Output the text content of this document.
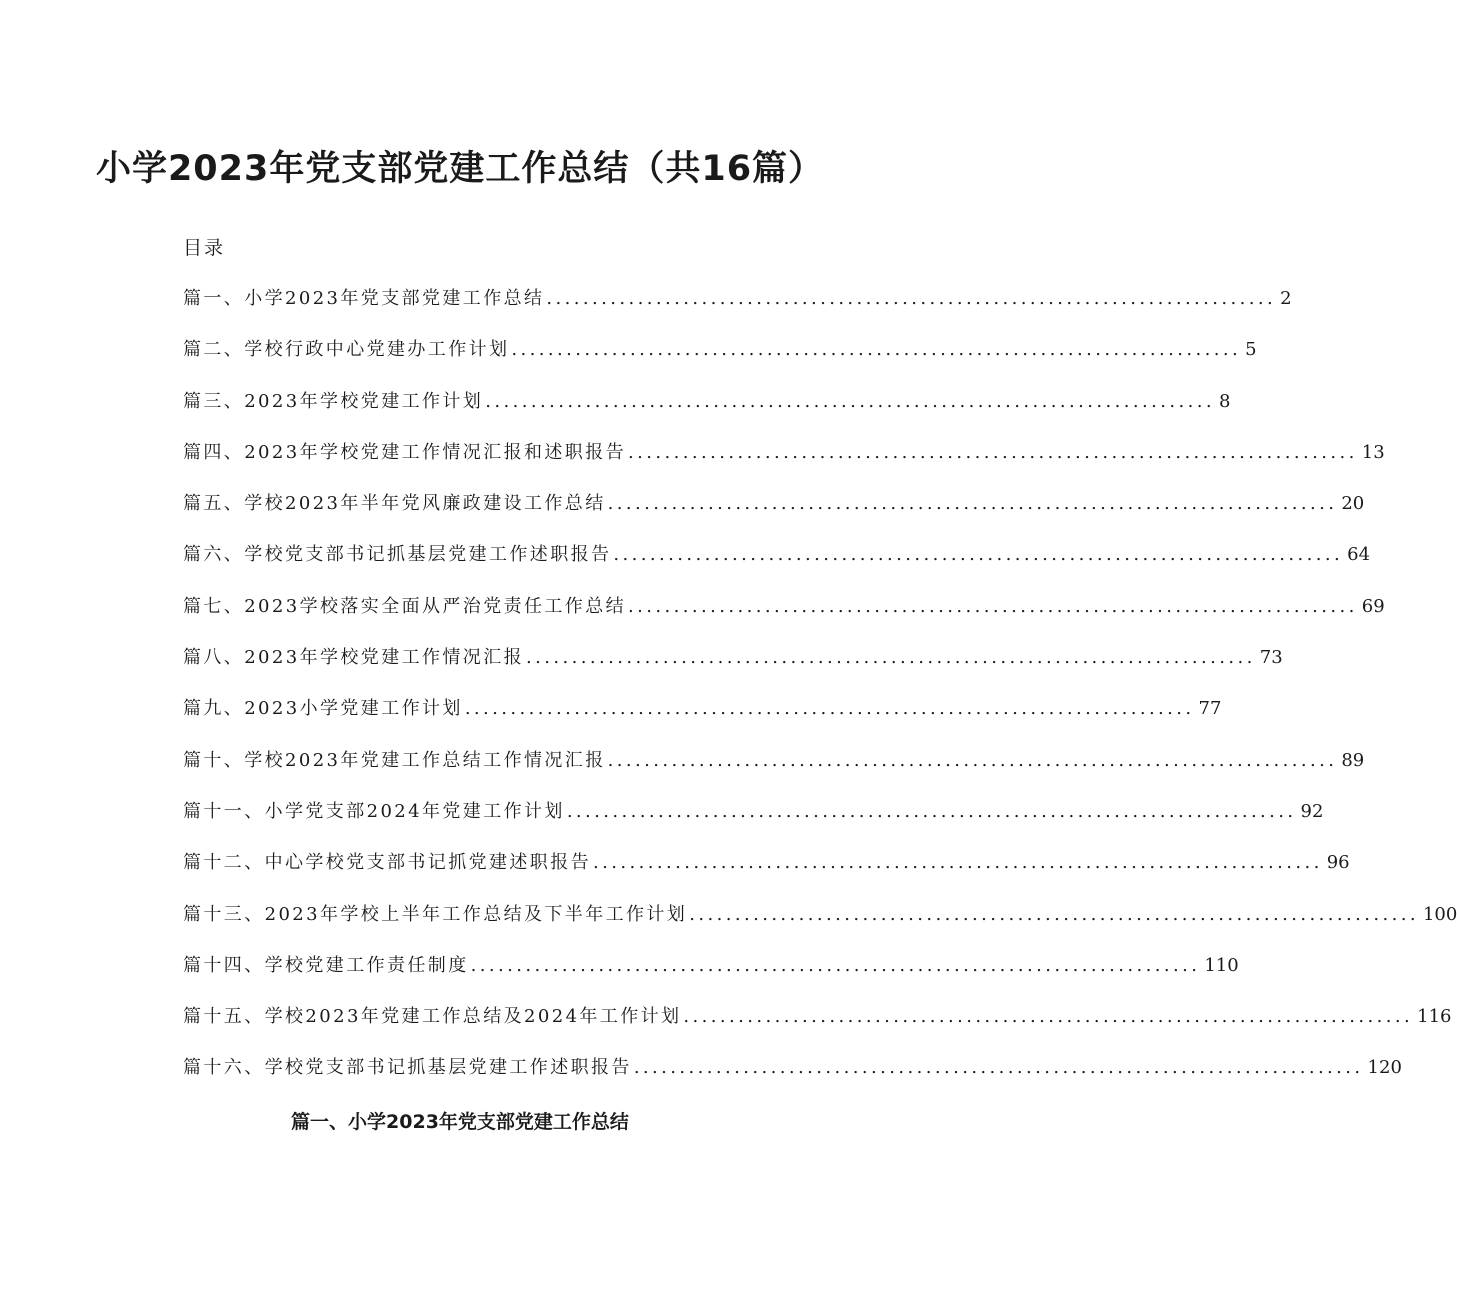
小学2023年党支部党建工作总结（共16篇）
目录
篇一、小学2023年党支部党建工作总结 ................................................................................ 2
篇二、学校行政中心党建办工作计划 ................................................................................ 5
篇三、2023年学校党建工作计划 ................................................................................ 8
篇四、2023年学校党建工作情况汇报和述职报告 ................................................................................ 13
篇五、学校2023年半年党风廉政建设工作总结 ................................................................................ 20
篇六、学校党支部书记抓基层党建工作述职报告 ................................................................................ 64
篇七、2023学校落实全面从严治党责任工作总结 ................................................................................ 69
篇八、2023年学校党建工作情况汇报 ................................................................................ 73
篇九、2023小学党建工作计划 ................................................................................ 77
篇十、学校2023年党建工作总结工作情况汇报 ................................................................................ 89
篇十一、小学党支部2024年党建工作计划 ................................................................................ 92
篇十二、中心学校党支部书记抓党建述职报告 ................................................................................ 96
篇十三、2023年学校上半年工作总结及下半年工作计划 ................................................................................ 100
篇十四、学校党建工作责任制度 ................................................................................ 110
篇十五、学校2023年党建工作总结及2024年工作计划 ................................................................................ 116
篇十六、学校党支部书记抓基层党建工作述职报告 ................................................................................ 120
篇一、小学2023年党支部党建工作总结
